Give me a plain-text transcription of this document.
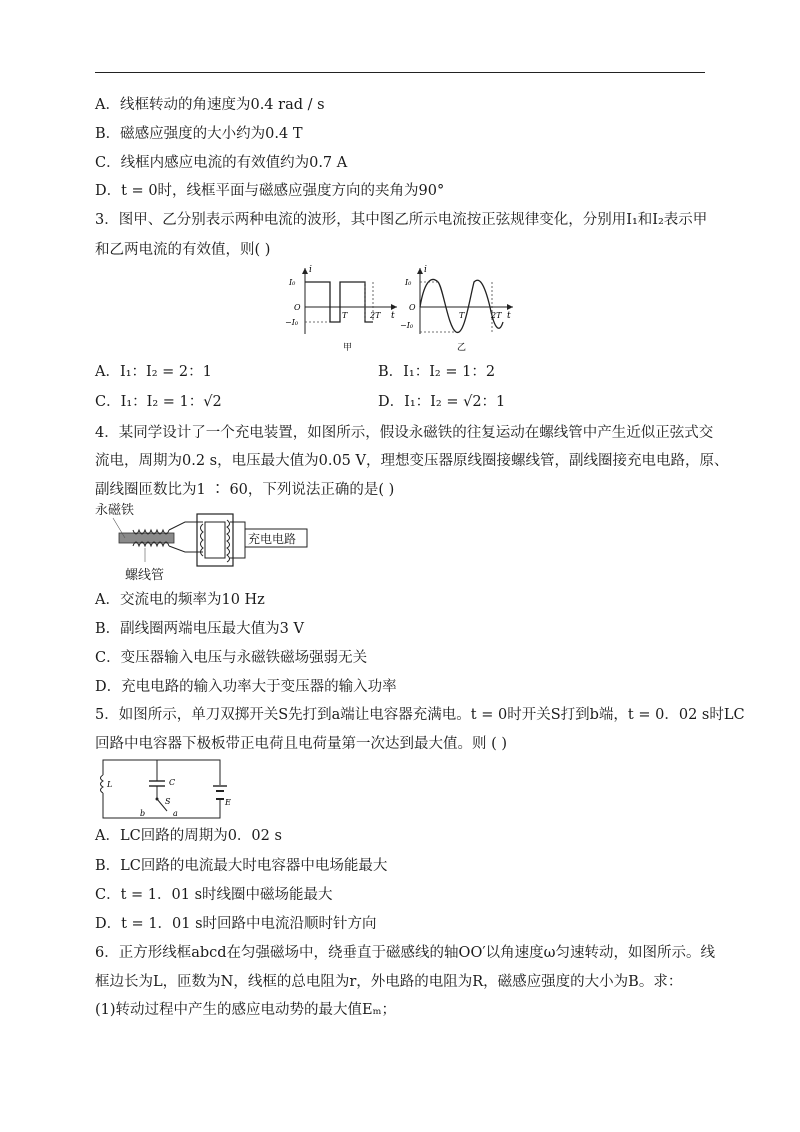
A．线框转动的角速度为0.4 rad / s
B．磁感应强度的大小约为0.4 T
C．线框内感应电流的有效值约为0.7 A
D．t = 0时，线框平面与磁感应强度方向的夹角为90°
3．图甲、乙分别表示两种电流的波形，其中图乙所示电流按正弦规律变化，分别用I₁和I₂表示甲
和乙两电流的有效值，则( )
i
t
I₀
O
−I₀
T	2T
甲
i
t
I₀
O
−I₀
T	2T
乙
A．I₁：I₂ = 2：1	B．I₁：I₂ = 1：2
C．I₁：I₂ = 1：√2	D．I₁：I₂ = √2：1
4．某同学设计了一个充电装置，如图所示，假设永磁铁的往复运动在螺线管中产生近似正弦式交
流电，周期为0.2 s，电压最大值为0.05 V，理想变压器原线圈接螺线管，副线圈接充电电路，原、
副线圈匝数比为1 ∶ 60，下列说法正确的是( )
永磁铁
螺线管
充电电路
A．交流电的频率为10 Hz
B．副线圈两端电压最大值为3 V
C．变压器输入电压与永磁铁磁场强弱无关
D．充电电路的输入功率大于变压器的输入功率
5．如图所示，单刀双掷开关S先打到a端让电容器充满电。t = 0时开关S打到b端，t = 0．02 s时LC
回路中电容器下极板带正电荷且电荷量第一次达到最大值。则 ( )
L	C
S	E
b	a
A．LC回路的周期为0．02 s
B．LC回路的电流最大时电容器中电场能最大
C．t = 1．01 s时线圈中磁场能最大
D．t = 1．01 s时回路中电流沿顺时针方向
6．正方形线框abcd在匀强磁场中，绕垂直于磁感线的轴OO′以角速度ω匀速转动，如图所示。线
框边长为L，匝数为N，线框的总电阻为r，外电路的电阻为R，磁感应强度的大小为B。求：
(1)转动过程中产生的感应电动势的最大值Eₘ；
